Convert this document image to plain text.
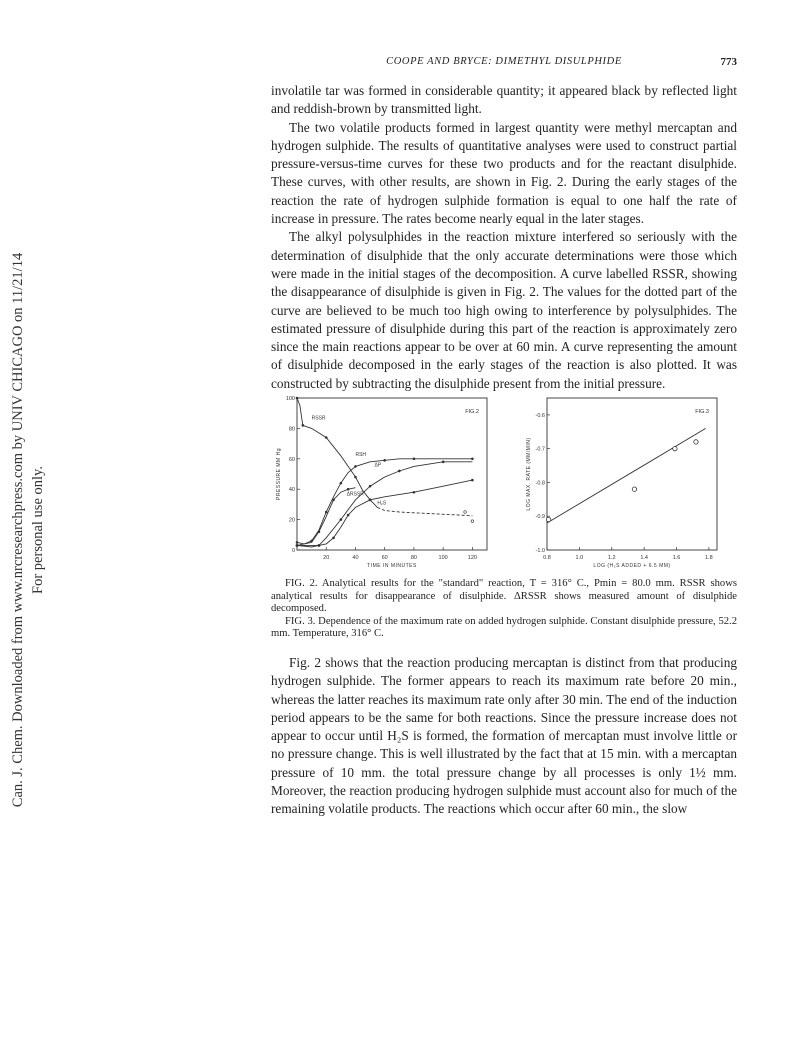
Can. J. Chem. Downloaded from www.nrcresearchpress.com by UNIV CHICAGO on 11/21/14 For personal use only.
COOPE AND BRYCE: DIMETHYL DISULPHIDE	773

involatile tar was formed in considerable quantity; it appeared black by reflected light and reddish-brown by transmitted light.

The two volatile products formed in largest quantity were methyl mercaptan and hydrogen sulphide. The results of quantitative analyses were used to construct partial pressure-versus-time curves for these two products and for the reactant disulphide. These curves, with other results, are shown in Fig. 2. During the early stages of the reaction the rate of hydrogen sulphide formation is equal to one half the rate of increase in pressure. The rates become nearly equal in the later stages.

The alkyl polysulphides in the reaction mixture interfered so seriously with the determination of disulphide that the only accurate determinations were those which were made in the initial stages of the decomposition. A curve labelled RSSR, showing the disappearance of disulphide is given in Fig. 2. The values for the dotted part of the curve are believed to be much too high owing to interference by polysulphides. The estimated pressure of disulphide during this part of the reaction is approximately zero since the main reactions appear to be over at 60 min. A curve representing the amount of disulphide decomposed in the early stages of the reaction is also plotted. It was constructed by subtracting the disulphide present from the initial pressure.

20	40	60	80	100	120
0
20
40
60
80
100
FIG.2
TIME IN MINUTES
PRESSURE MM Hg
RSSR
RSH
ΔP
ΔRSSR
H₂S
0.8	1.0	1.2	1.4	1.6	1.8
-1.0
-0.9
-0.8
-0.7
-0.6
FIG.3
LOG (H₂S ADDED + 6.5 MM)
LOG MAX. RATE (MM/MIN)

FIG. 2. Analytical results for the "standard" reaction, T = 316° C., Pmin = 80.0 mm. RSSR shows analytical results for disappearance of disulphide. ΔRSSR shows measured amount of disulphide decomposed.

FIG. 3. Dependence of the maximum rate on added hydrogen sulphide. Constant disulphide pressure, 52.2 mm. Temperature, 316° C.

Fig. 2 shows that the reaction producing mercaptan is distinct from that producing hydrogen sulphide. The former appears to reach its maximum rate before 20 min., whereas the latter reaches its maximum rate only after 30 min. The end of the induction period appears to be the same for both reactions. Since the pressure increase does not appear to occur until H₂S is formed, the formation of mercaptan must involve little or no pressure change. This is well illustrated by the fact that at 15 min. with a mercaptan pressure of 10 mm. the total pressure change by all processes is only 1½ mm. Moreover, the reaction producing hydrogen sulphide must account also for much of the remaining volatile products. The reactions which occur after 60 min., the slow
